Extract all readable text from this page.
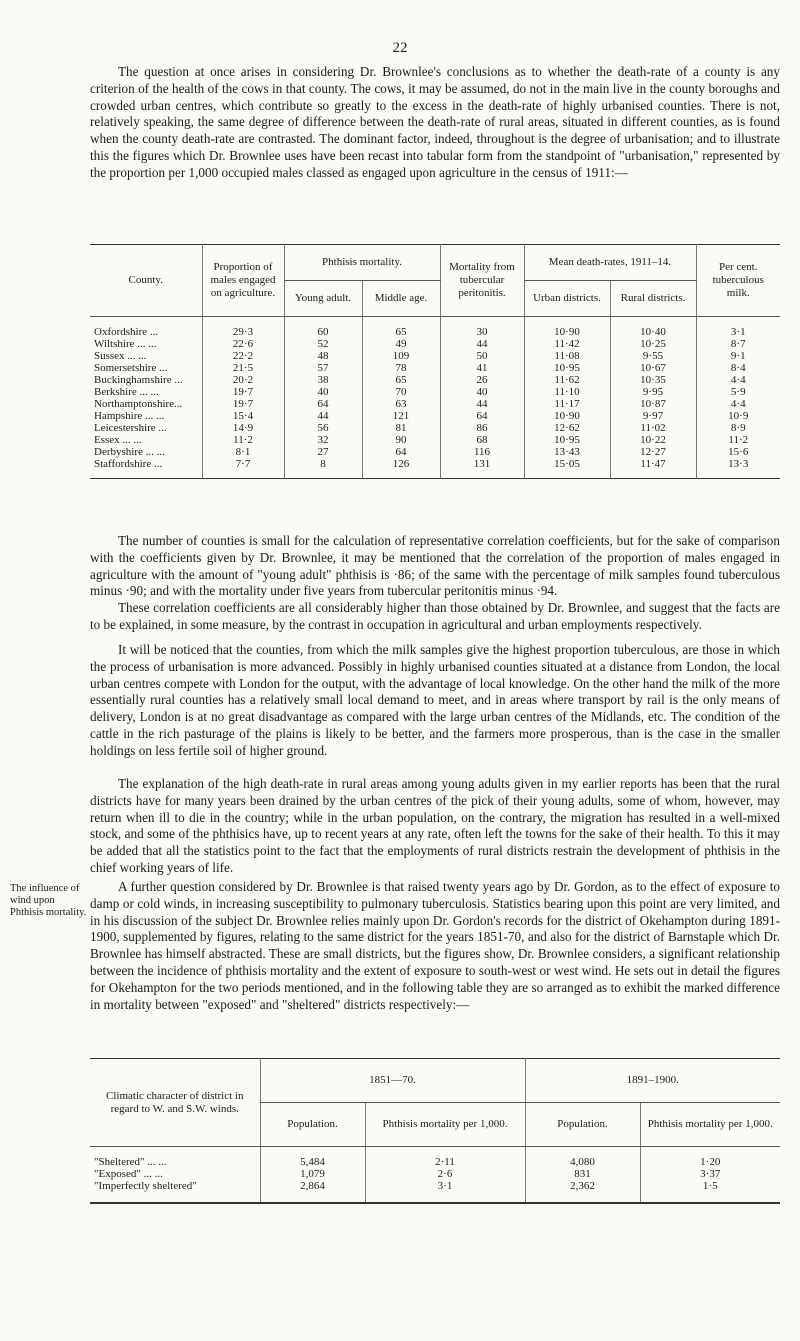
22

The question at once arises in considering Dr. Brownlee's conclusions as to whether the death-rate of a county is any criterion of the health of the cows in that county. The cows, it may be assumed, do not in the main live in the county boroughs and crowded urban centres, which contribute so greatly to the excess in the death-rate of highly urbanised counties. There is not, relatively speaking, the same degree of difference between the death-rate of rural areas, situated in different counties, as is found when the county death-rate are contrasted. The dominant factor, indeed, throughout is the degree of urbanisation; and to illustrate this the figures which Dr. Brownlee uses have been recast into tabular form from the standpoint of "urbanisation," represented by the proportion per 1,000 occupied males classed as engaged upon agriculture in the census of 1911:—

County.	Proportion of males engaged on agriculture.	Phthisis mortality.		Mortality from tubercular peritonitis.	Mean death-rates, 1911–14.		Per cent. tuberculous milk.
		Young adult.	Middle age.		Urban districts.	Rural districts.	
Oxfordshire ...	29·3	60	65	30	10·90	10·40	3·1
Wiltshire ... ...	22·6	52	49	44	11·42	10·25	8·7
Sussex ... ...	22·2	48	109	50	11·08	9·55	9·1
Somersetshire ...	21·5	57	78	41	10·95	10·67	8·4
Buckinghamshire ...	20·2	38	65	26	11·62	10·35	4·4
Berkshire ... ...	19·7	40	70	40	11·10	9·95	5·9
Northamptonshire...	19·7	64	63	44	11·17	10·87	4·4
Hampshire ... ...	15·4	44	121	64	10·90	9·97	10·9
Leicestershire ...	14·9	56	81	86	12·62	11·02	8·9
Essex ... ...	11·2	32	90	68	10·95	10·22	11·2
Derbyshire ... ...	8·1	27	64	116	13·43	12·27	15·6
Staffordshire ...	7·7	8	126	131	15·05	11·47	13·3

The number of counties is small for the calculation of representative correlation coefficients, but for the sake of comparison with the coefficients given by Dr. Brownlee, it may be mentioned that the correlation of the proportion of males engaged in agriculture with the amount of "young adult" phthisis is ·86; of the same with the percentage of milk samples found tuberculous minus ·90; and with the mortality under five years from tubercular peritonitis minus ·94.

These correlation coefficients are all considerably higher than those obtained by Dr. Brownlee, and suggest that the facts are to be explained, in some measure, by the contrast in occupation in agricultural and urban employments respectively.

It will be noticed that the counties, from which the milk samples give the highest proportion tuberculous, are those in which the process of urbanisation is more advanced. Possibly in highly urbanised counties situated at a distance from London, the local urban centres compete with London for the output, with the advantage of local knowledge. On the other hand the milk of the more essentially rural counties has a relatively small local demand to meet, and in areas where transport by rail is the only means of delivery, London is at no great disadvantage as compared with the large urban centres of the Midlands, etc. The condition of the cattle in the rich pasturage of the plains is likely to be better, and the farmers more prosperous, than is the case in the smaller holdings on less fertile soil of higher ground.

The explanation of the high death-rate in rural areas among young adults given in my earlier reports has been that the rural districts have for many years been drained by the urban centres of the pick of their young adults, some of whom, however, may return when ill to die in the country; while in the urban population, on the contrary, the migration has resulted in a well-mixed stock, and some of the phthisics have, up to recent years at any rate, often left the towns for the sake of their health. To this it may be added that all the statistics point to the fact that the employments of rural districts restrain the development of phthisis in the chief working years of life.

The influence of wind upon Phthisis mortality.

A further question considered by Dr. Brownlee is that raised twenty years ago by Dr. Gordon, as to the effect of exposure to damp or cold winds, in increasing susceptibility to pulmonary tuberculosis. Statistics bearing upon this point are very limited, and in his discussion of the subject Dr. Brownlee relies mainly upon Dr. Gordon's records for the district of Okehampton during 1891-1900, supplemented by figures, relating to the same district for the years 1851-70, and also for the district of Barnstaple which Dr. Brownlee has himself abstracted. These are small districts, but the figures show, Dr. Brownlee considers, a significant relationship between the incidence of phthisis mortality and the extent of exposure to south-west or west wind. He sets out in detail the figures for Okehampton for the two periods mentioned, and in the following table they are so arranged as to exhibit the marked difference in mortality between "exposed" and "sheltered" districts respectively:—

Climatic character of district in regard to W. and S.W. winds.	1851—70.		1891–1900.	
	Population.	Phthisis mortality per 1,000.	Population.	Phthisis mortality per 1,000.
"Sheltered" ... ...	5,484	2·11	4,080	1·20
"Exposed" ... ...	1,079	2·6	831	3·37
"Imperfectly sheltered"	2,864	3·1	2,362	1·5
